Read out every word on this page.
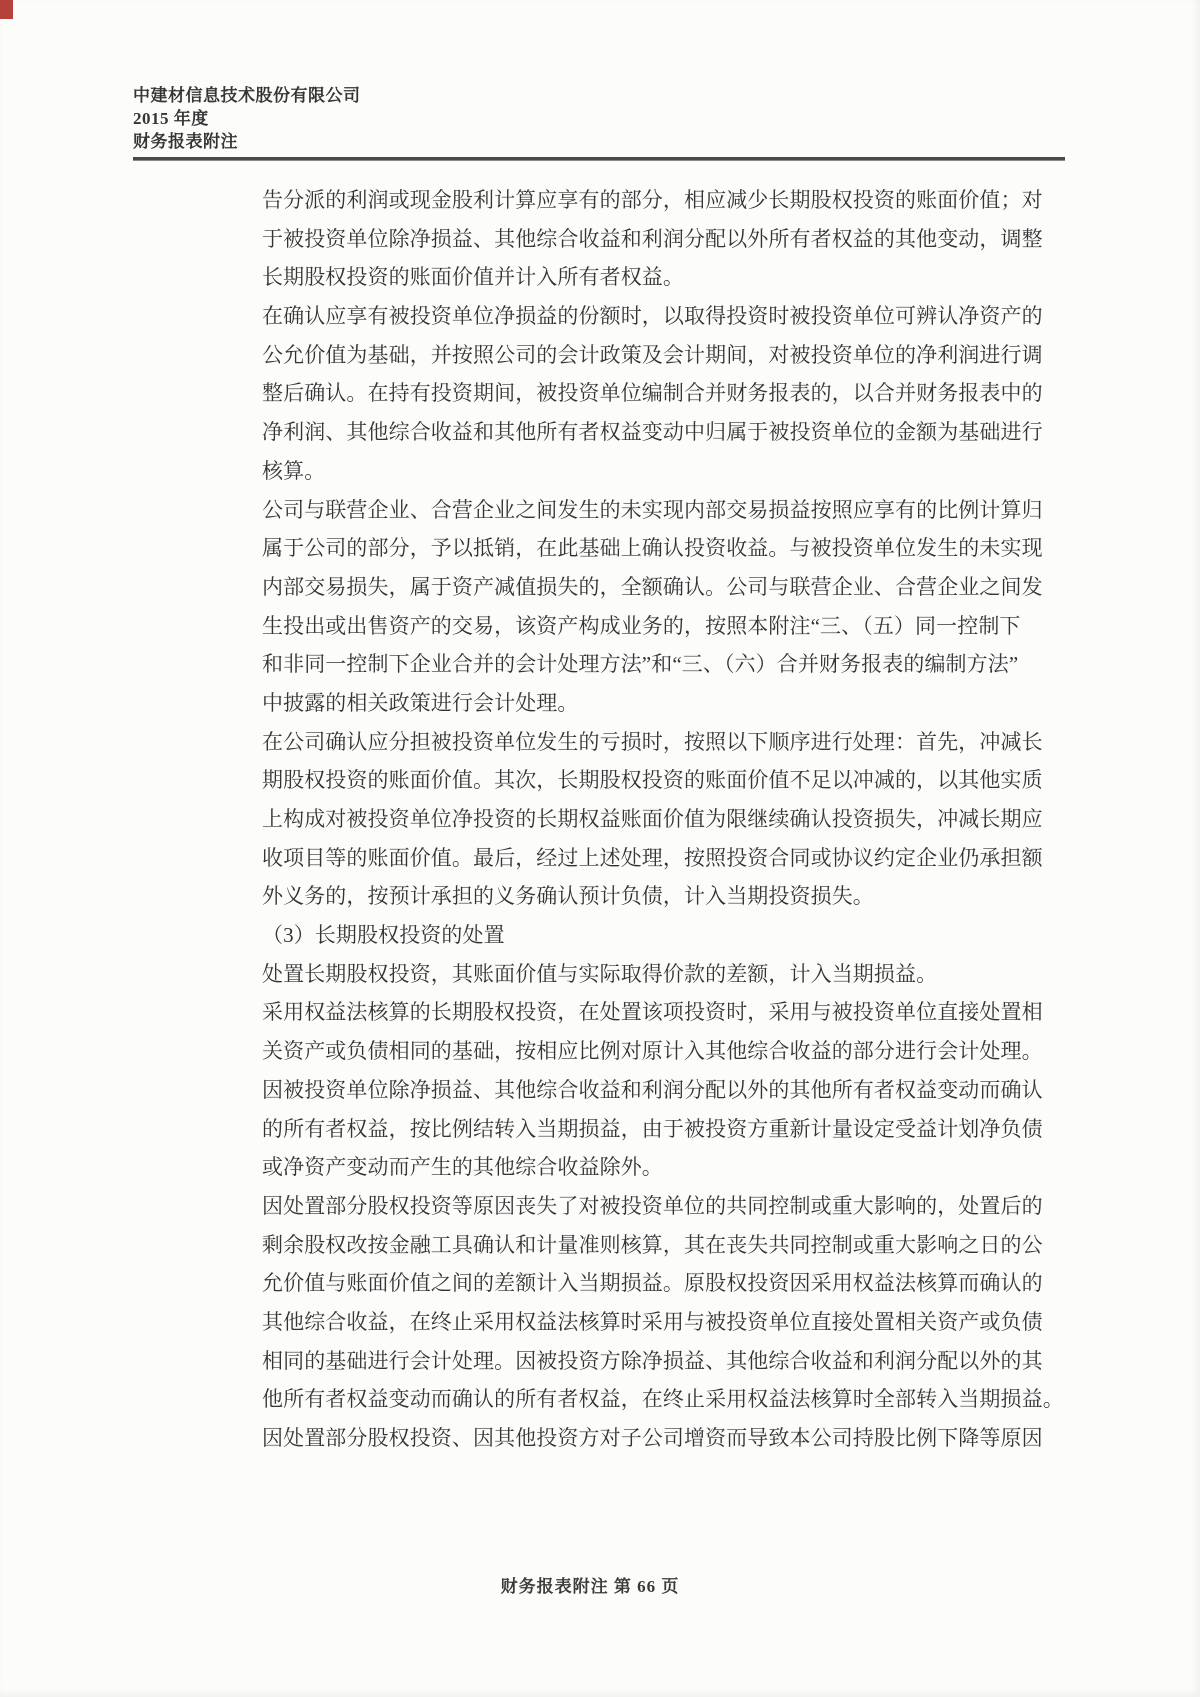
中建材信息技术股份有限公司
2015 年度
财务报表附注
告分派的利润或现金股利计算应享有的部分，相应减少长期股权投资的账面价值；对
于被投资单位除净损益、其他综合收益和利润分配以外所有者权益的其他变动，调整
长期股权投资的账面价值并计入所有者权益。
在确认应享有被投资单位净损益的份额时，以取得投资时被投资单位可辨认净资产的
公允价值为基础，并按照公司的会计政策及会计期间，对被投资单位的净利润进行调
整后确认。在持有投资期间，被投资单位编制合并财务报表的，以合并财务报表中的
净利润、其他综合收益和其他所有者权益变动中归属于被投资单位的金额为基础进行
核算。
公司与联营企业、合营企业之间发生的未实现内部交易损益按照应享有的比例计算归
属于公司的部分，予以抵销，在此基础上确认投资收益。与被投资单位发生的未实现
内部交易损失，属于资产减值损失的，全额确认。公司与联营企业、合营企业之间发
生投出或出售资产的交易，该资产构成业务的，按照本附注“三、（五）同一控制下
和非同一控制下企业合并的会计处理方法”和“三、（六）合并财务报表的编制方法”
中披露的相关政策进行会计处理。
在公司确认应分担被投资单位发生的亏损时，按照以下顺序进行处理：首先，冲减长
期股权投资的账面价值。其次，长期股权投资的账面价值不足以冲减的，以其他实质
上构成对被投资单位净投资的长期权益账面价值为限继续确认投资损失，冲减长期应
收项目等的账面价值。最后，经过上述处理，按照投资合同或协议约定企业仍承担额
外义务的，按预计承担的义务确认预计负债，计入当期投资损失。
（3）长期股权投资的处置
处置长期股权投资，其账面价值与实际取得价款的差额，计入当期损益。
采用权益法核算的长期股权投资，在处置该项投资时，采用与被投资单位直接处置相
关资产或负债相同的基础，按相应比例对原计入其他综合收益的部分进行会计处理。
因被投资单位除净损益、其他综合收益和利润分配以外的其他所有者权益变动而确认
的所有者权益，按比例结转入当期损益，由于被投资方重新计量设定受益计划净负债
或净资产变动而产生的其他综合收益除外。
因处置部分股权投资等原因丧失了对被投资单位的共同控制或重大影响的，处置后的
剩余股权改按金融工具确认和计量准则核算，其在丧失共同控制或重大影响之日的公
允价值与账面价值之间的差额计入当期损益。原股权投资因采用权益法核算而确认的
其他综合收益，在终止采用权益法核算时采用与被投资单位直接处置相关资产或负债
相同的基础进行会计处理。因被投资方除净损益、其他综合收益和利润分配以外的其
他所有者权益变动而确认的所有者权益，在终止采用权益法核算时全部转入当期损益。
因处置部分股权投资、因其他投资方对子公司增资而导致本公司持股比例下降等原因
财务报表附注 第 66 页
